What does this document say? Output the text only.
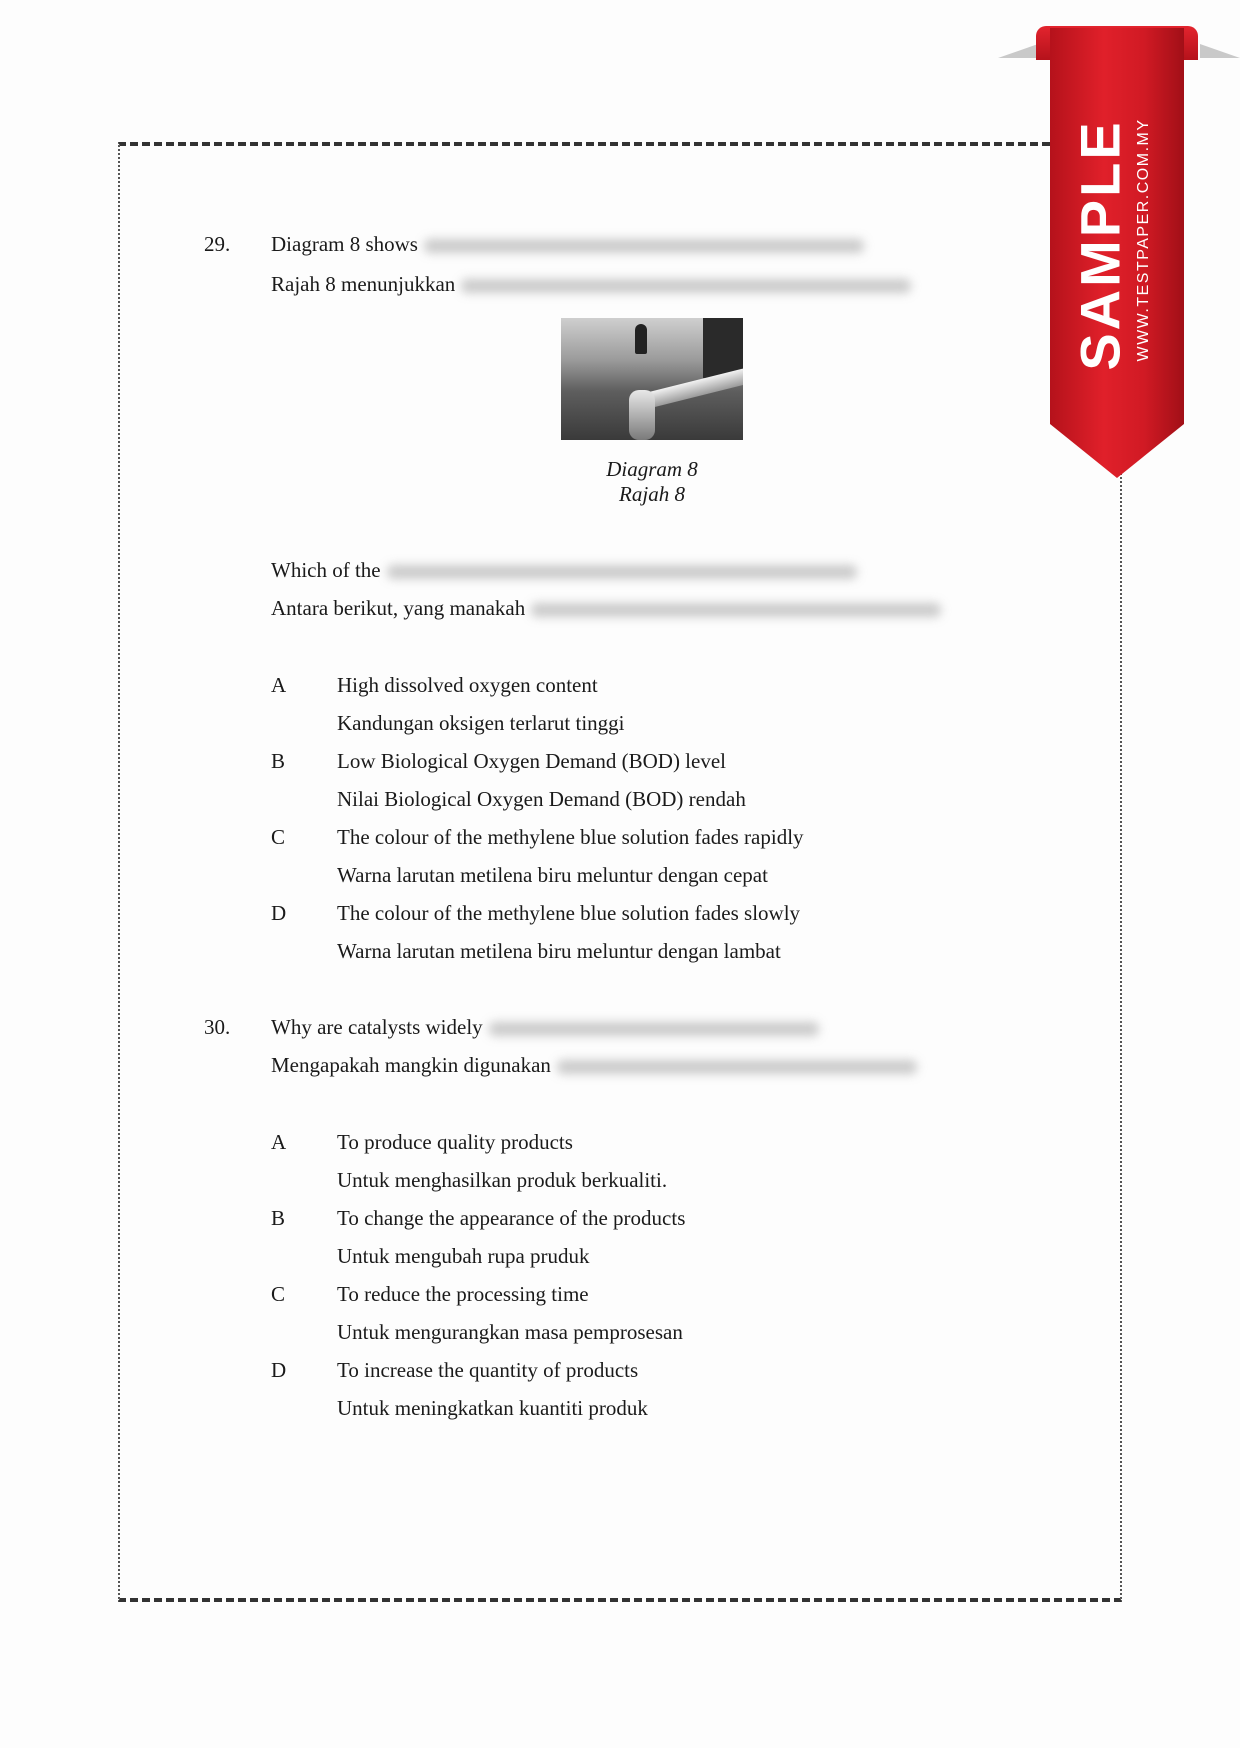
29. Diagram 8 shows
Rajah 8 menunjukkan
Diagram 8
Rajah 8
Which of the
Antara berikut, yang manakah
A High dissolved oxygen content
Kandungan oksigen terlarut tinggi
B Low Biological Oxygen Demand (BOD) level
Nilai Biological Oxygen Demand (BOD) rendah
C The colour of the methylene blue solution fades rapidly
Warna larutan metilena biru meluntur dengan cepat
D The colour of the methylene blue solution fades slowly
Warna larutan metilena biru meluntur dengan lambat
30. Why are catalysts widely
Mengapakah mangkin digunakan
A To produce quality products
Untuk menghasilkan produk berkualiti.
B To change the appearance of the products
Untuk mengubah rupa pruduk
C To reduce the processing time
Untuk mengurangkan masa pemprosesan
D To increase the quantity of products
Untuk meningkatkan kuantiti produk
SAMPLE WWW.TESTPAPER.COM.MY
